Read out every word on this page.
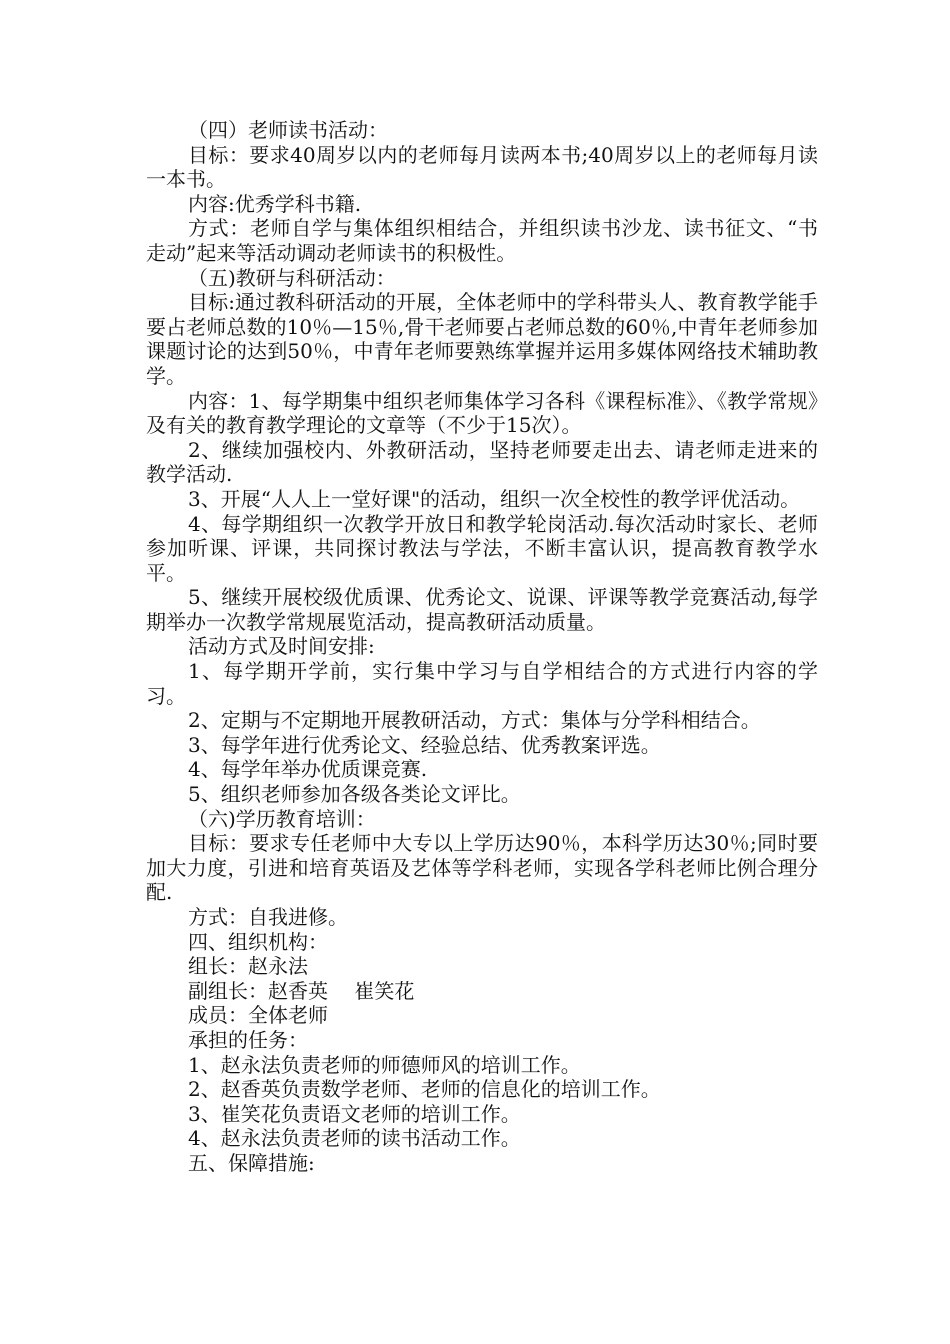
（四）老师读书活动：

目标：要求40周岁以内的老师每月读两本书;40周岁以上的老师每月读一本书。

内容:优秀学科书籍.

方式：老师自学与集体组织相结合，并组织读书沙龙、读书征文、“书走动”起来等活动调动老师读书的积极性。

（五)教研与科研活动：

目标:通过教科研活动的开展，全体老师中的学科带头人、教育教学能手要占老师总数的10％—15％,骨干老师要占老师总数的60％,中青年老师参加课题讨论的达到50％，中青年老师要熟练掌握并运用多媒体网络技术辅助教学。

内容：1、每学期集中组织老师集体学习各科《课程标准》、《教学常规》及有关的教育教学理论的文章等（不少于15次）。

2、继续加强校内、外教研活动，坚持老师要走出去、请老师走进来的教学活动.

3、开展“人人上一堂好课"的活动，组织一次全校性的教学评优活动。

4、每学期组织一次教学开放日和教学轮岗活动.每次活动时家长、老师参加听课、评课，共同探讨教法与学法，不断丰富认识，提高教育教学水平。

5、继续开展校级优质课、优秀论文、说课、评课等教学竞赛活动,每学期举办一次教学常规展览活动，提高教研活动质量。

活动方式及时间安排:

1、每学期开学前，实行集中学习与自学相结合的方式进行内容的学习。

2、定期与不定期地开展教研活动，方式：集体与分学科相结合。

3、每学年进行优秀论文、经验总结、优秀教案评选。

4、每学年举办优质课竞赛.

5、组织老师参加各级各类论文评比。

（六)学历教育培训：

目标：要求专任老师中大专以上学历达90％，本科学历达30％;同时要加大力度，引进和培育英语及艺体等学科老师，实现各学科老师比例合理分配.

方式：自我进修。

四、组织机构：

组长：赵永法

副组长：赵香英　 崔笑花

成员：全体老师

承担的任务：

1、赵永法负责老师的师德师风的培训工作。

2、赵香英负责数学老师、老师的信息化的培训工作。

3、崔笑花负责语文老师的培训工作。

4、赵永法负责老师的读书活动工作。

五、保障措施:
